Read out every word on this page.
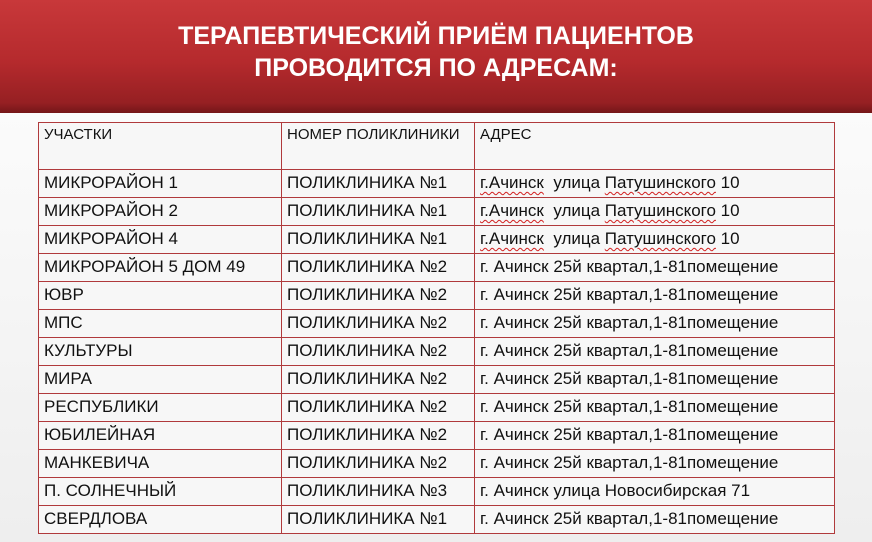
ТЕРАПЕВТИЧЕСКИЙ ПРИЁМ ПАЦИЕНТОВ
ПРОВОДИТСЯ ПО АДРЕСАМ:
УЧАСТКИ	НОМЕР ПОЛИКЛИНИКИ	АДРЕС
МИКРОРАЙОН 1	ПОЛИКЛИНИКА №1	г.Ачинск  улица Патушинского 10
МИКРОРАЙОН 2	ПОЛИКЛИНИКА №1	г.Ачинск  улица Патушинского 10
МИКРОРАЙОН 4	ПОЛИКЛИНИКА №1	г.Ачинск  улица Патушинского 10
МИКРОРАЙОН 5 ДОМ 49	ПОЛИКЛИНИКА №2	г. Ачинск 25й квартал,1-81помещение
ЮВР	ПОЛИКЛИНИКА №2	г. Ачинск 25й квартал,1-81помещение
МПС	ПОЛИКЛИНИКА №2	г. Ачинск 25й квартал,1-81помещение
КУЛЬТУРЫ	ПОЛИКЛИНИКА №2	г. Ачинск 25й квартал,1-81помещение
МИРА	ПОЛИКЛИНИКА №2	г. Ачинск 25й квартал,1-81помещение
РЕСПУБЛИКИ	ПОЛИКЛИНИКА №2	г. Ачинск 25й квартал,1-81помещение
ЮБИЛЕЙНАЯ	ПОЛИКЛИНИКА №2	г. Ачинск 25й квартал,1-81помещение
МАНКЕВИЧА	ПОЛИКЛИНИКА №2	г. Ачинск 25й квартал,1-81помещение
П. СОЛНЕЧНЫЙ	ПОЛИКЛИНИКА №3	г. Ачинск улица Новосибирская 71
СВЕРДЛОВА	ПОЛИКЛИНИКА №1	г. Ачинск 25й квартал,1-81помещение
